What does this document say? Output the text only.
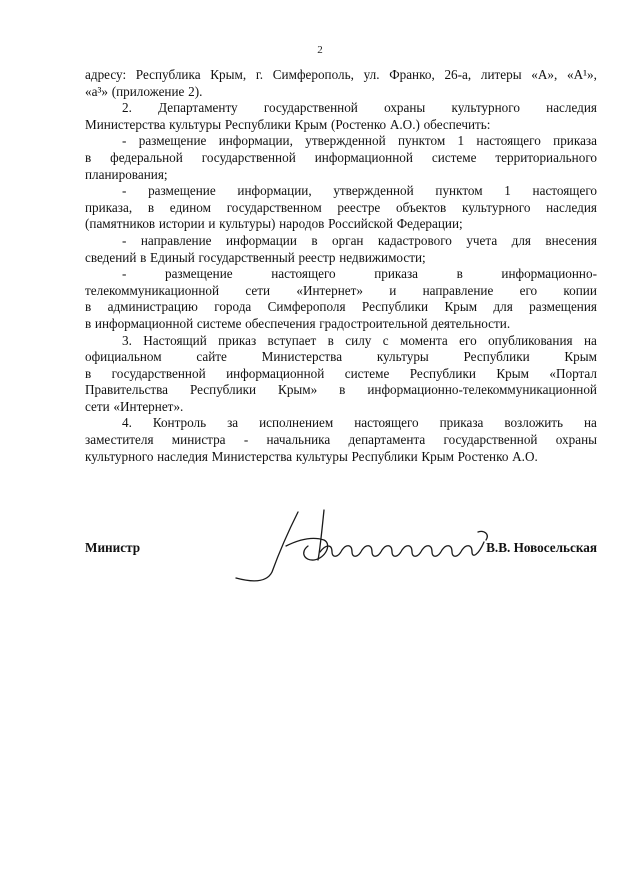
2
адресу: Республика Крым, г. Симферополь, ул. Франко, 26-а, литеры «А», «А¹»,
«а³» (приложение 2).
2. Департаменту государственной охраны культурного наследия
Министерства культуры Республики Крым (Ростенко А.О.) обеспечить:
- размещение информации, утвержденной пунктом 1 настоящего приказа
в федеральной государственной информационной системе территориального
планирования;
- размещение информации, утвержденной пунктом 1 настоящего
приказа, в едином государственном реестре объектов культурного наследия
(памятников истории и культуры) народов Российской Федерации;
- направление информации в орган кадастрового учета для внесения
сведений в Единый государственный реестр недвижимости;
-	размещение	настоящего	приказа	в	информационно-
телекоммуникационной сети «Интернет» и направление его копии
в администрацию города Симферополя Республики Крым для размещения
в информационной системе обеспечения градостроительной деятельности.
3. Настоящий приказ вступает в силу с момента его опубликования на
официальном	сайте	Министерства	культуры	Республики	Крым
в государственной информационной системе Республики Крым «Портал
Правительства Республики Крым» в информационно-телекоммуникационной
сети «Интернет».
4. Контроль за исполнением настоящего приказа возложить на
заместителя министра - начальника департамента государственной охраны
культурного наследия Министерства культуры Республики Крым Ростенко А.О.
Министр	В.В. Новосельская
